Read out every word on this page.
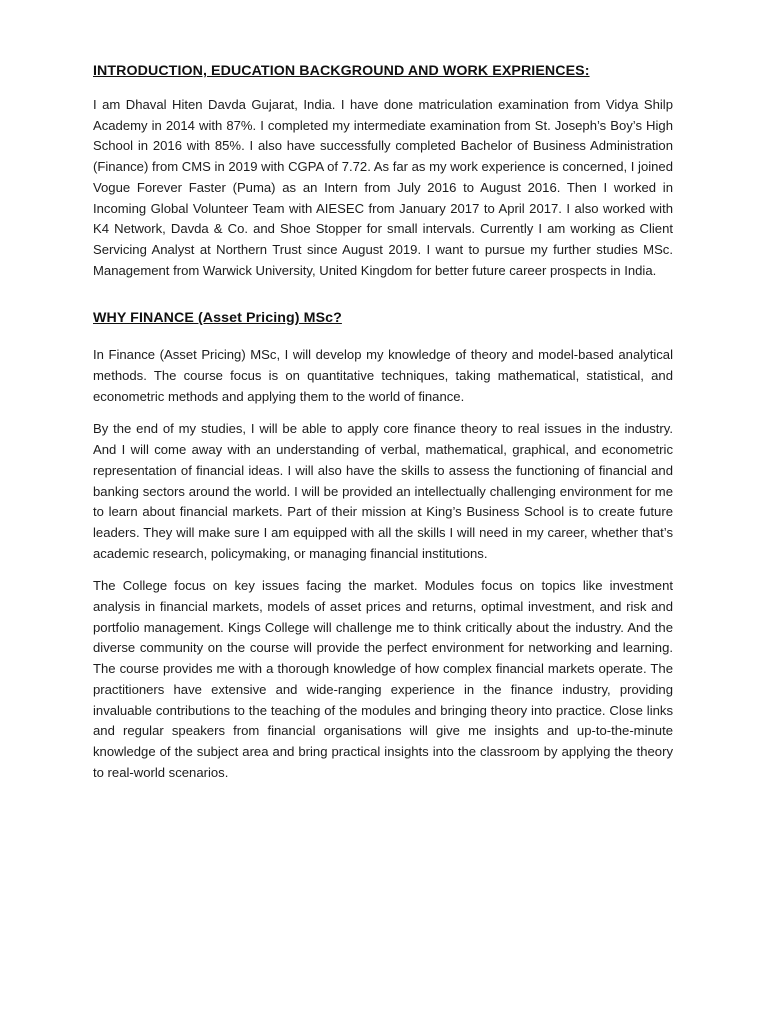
INTRODUCTION, EDUCATION BACKGROUND AND WORK EXPRIENCES:

I am Dhaval Hiten Davda Gujarat, India. I have done matriculation examination from Vidya Shilp Academy in 2014 with 87%. I completed my intermediate examination from St. Joseph’s Boy’s High School in 2016 with 85%. I also have successfully completed Bachelor of Business Administration (Finance) from CMS in 2019 with CGPA of 7.72. As far as my work experience is concerned, I joined Vogue Forever Faster (Puma) as an Intern from July 2016 to August 2016. Then I worked in Incoming Global Volunteer Team with AIESEC from January 2017 to April 2017. I also worked with K4 Network, Davda & Co. and Shoe Stopper for small intervals. Currently I am working as Client Servicing Analyst at Northern Trust since August 2019. I want to pursue my further studies MSc. Management from Warwick University, United Kingdom for better future career prospects in India.

WHY FINANCE (Asset Pricing) MSc?

In Finance (Asset Pricing) MSc, I will develop my knowledge of theory and model-based analytical methods. The course focus is on quantitative techniques, taking mathematical, statistical, and econometric methods and applying them to the world of finance.

By the end of my studies, I will be able to apply core finance theory to real issues in the industry. And I will come away with an understanding of verbal, mathematical, graphical, and econometric representation of financial ideas. I will also have the skills to assess the functioning of financial and banking sectors around the world. I will be provided an intellectually challenging environment for me to learn about financial markets. Part of their mission at King’s Business School is to create future leaders. They will make sure I am equipped with all the skills I will need in my career, whether that’s academic research, policymaking, or managing financial institutions.

The College focus on key issues facing the market. Modules focus on topics like investment analysis in financial markets, models of asset prices and returns, optimal investment, and risk and portfolio management. Kings College will challenge me to think critically about the industry. And the diverse community on the course will provide the perfect environment for networking and learning. The course provides me with a thorough knowledge of how complex financial markets operate. The practitioners have extensive and wide-ranging experience in the finance industry, providing invaluable contributions to the teaching of the modules and bringing theory into practice. Close links and regular speakers from financial organisations will give me insights and up-to-the-minute knowledge of the subject area and bring practical insights into the classroom by applying the theory to real-world scenarios.
